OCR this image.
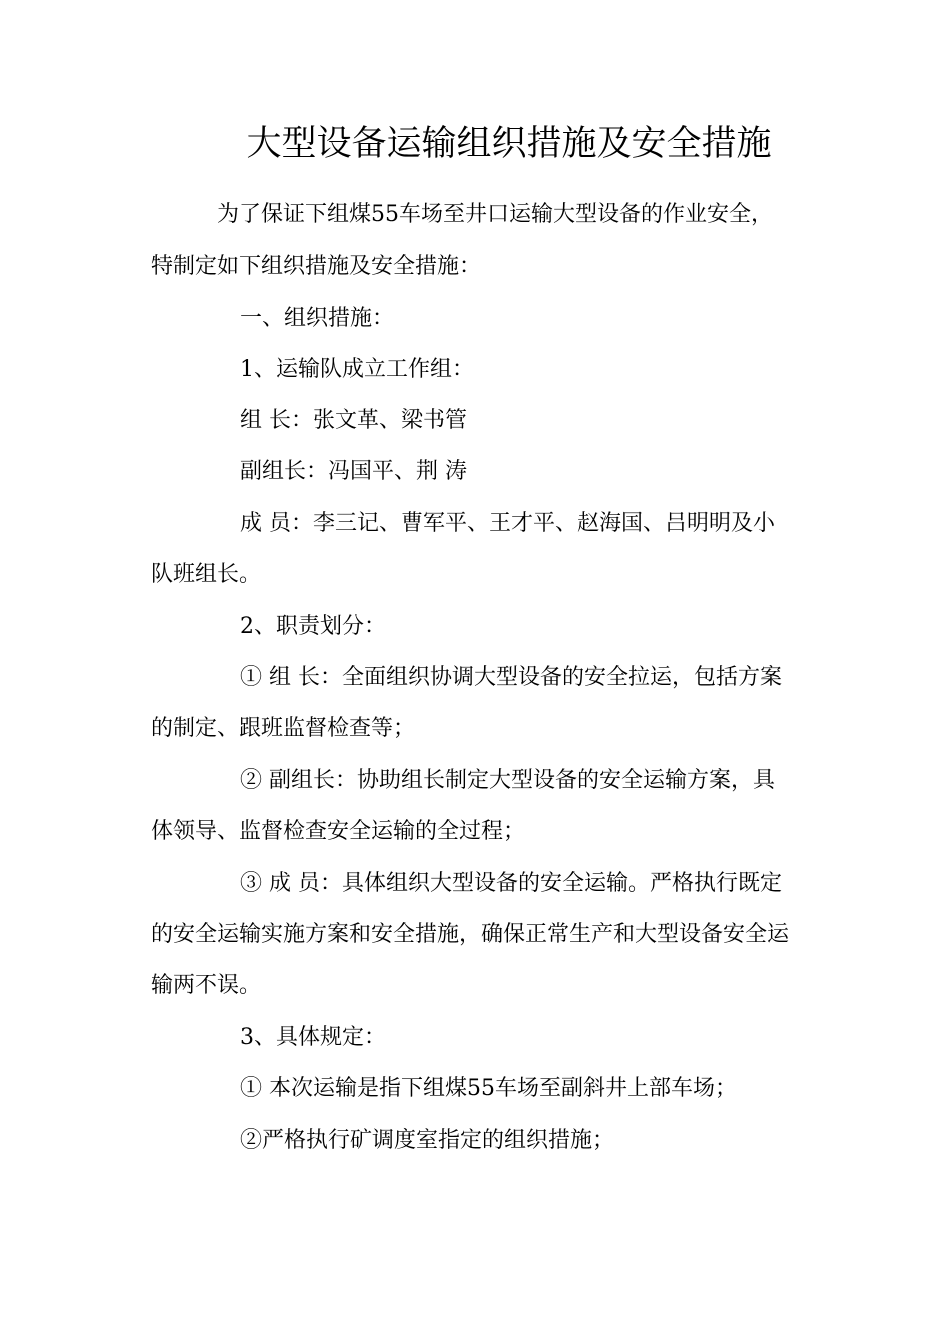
大型设备运输组织措施及安全措施
为了保证下组煤55车场至井口运输大型设备的作业安全，
特制定如下组织措施及安全措施：
一、组织措施：
1、运输队成立工作组：
组 长：张文革、梁书管
副组长：冯国平、荆 涛
成 员：李三记、曹军平、王才平、赵海国、吕明明及小
队班组长。
2、职责划分：
① 组 长：全面组织协调大型设备的安全拉运，包括方案
的制定、跟班监督检查等；
② 副组长：协助组长制定大型设备的安全运输方案，具
体领导、监督检查安全运输的全过程；
③ 成 员：具体组织大型设备的安全运输。严格执行既定
的安全运输实施方案和安全措施，确保正常生产和大型设备安全运
输两不误。
3、具体规定：
① 本次运输是指下组煤55车场至副斜井上部车场；
②严格执行矿调度室指定的组织措施；
